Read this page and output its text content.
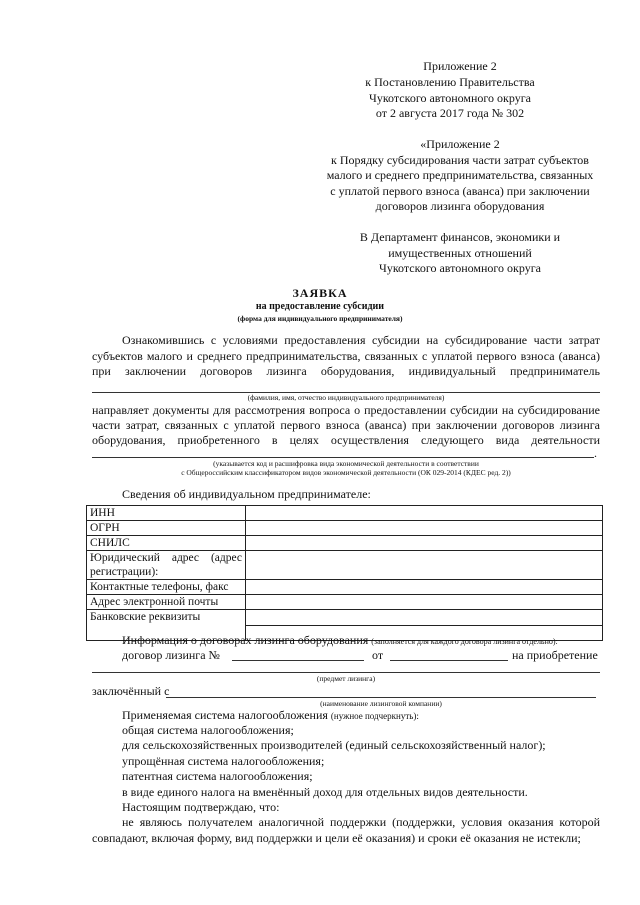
Приложение 2
к Постановлению Правительства
Чукотского автономного округа
от 2 августа 2017 года № 302
«Приложение 2
к Порядку субсидирования части затрат субъектов
малого и среднего предпринимательства, связанных
с уплатой первого взноса (аванса) при заключении
договоров лизинга оборудования
В Департамент финансов, экономики и
имущественных отношений
Чукотского автономного округа
ЗАЯВКА
на предоставление субсидии
(форма для индивидуального предпринимателя)
Ознакомившись с условиями предоставления субсидии на субсидирование части затрат
субъектов малого и среднего предпринимательства, связанных с уплатой первого взноса (аванса)
при заключении договоров лизинга оборудования, индивидуальный предприниматель
(фамилия, имя, отчество индивидуального предпринимателя)
направляет документы для рассмотрения вопроса о предоставлении субсидии на субсидирование
части затрат, связанных с уплатой первого взноса (аванса) при заключении договоров лизинга
оборудования, приобретенного в целях осуществления следующего вида деятельности
.
(указывается код и расшифровка вида экономической деятельности в соответствии
с Общероссийским классификатором видов экономической деятельности (ОК 029-2014 (КДЕС ред. 2))
Сведения об индивидуальном предпринимателе:
ИНН	
ОГРН	
СНИЛС	
Юридический адрес (адрес регистрации):	
Контактные телефоны, факс	
Адрес электронной почты	
Банковские реквизиты	
Информация о договорах лизинга оборудования (заполняется для каждого договора лизинга отдельно):
договор лизинга №	от	на приобретение
(предмет лизинга)
заключённый с
(наименование лизинговой компании)
Применяемая система налогообложения (нужное подчеркнуть):
общая система налогообложения;
для сельскохозяйственных производителей (единый сельскохозяйственный налог);
упрощённая система налогообложения;
патентная система налогообложения;
в виде единого налога на вменённый доход для отдельных видов деятельности.
Настоящим подтверждаю, что:
не являюсь получателем аналогичной поддержки (поддержки, условия оказания которой
совпадают, включая форму, вид поддержки и цели её оказания) и сроки её оказания не истекли;
